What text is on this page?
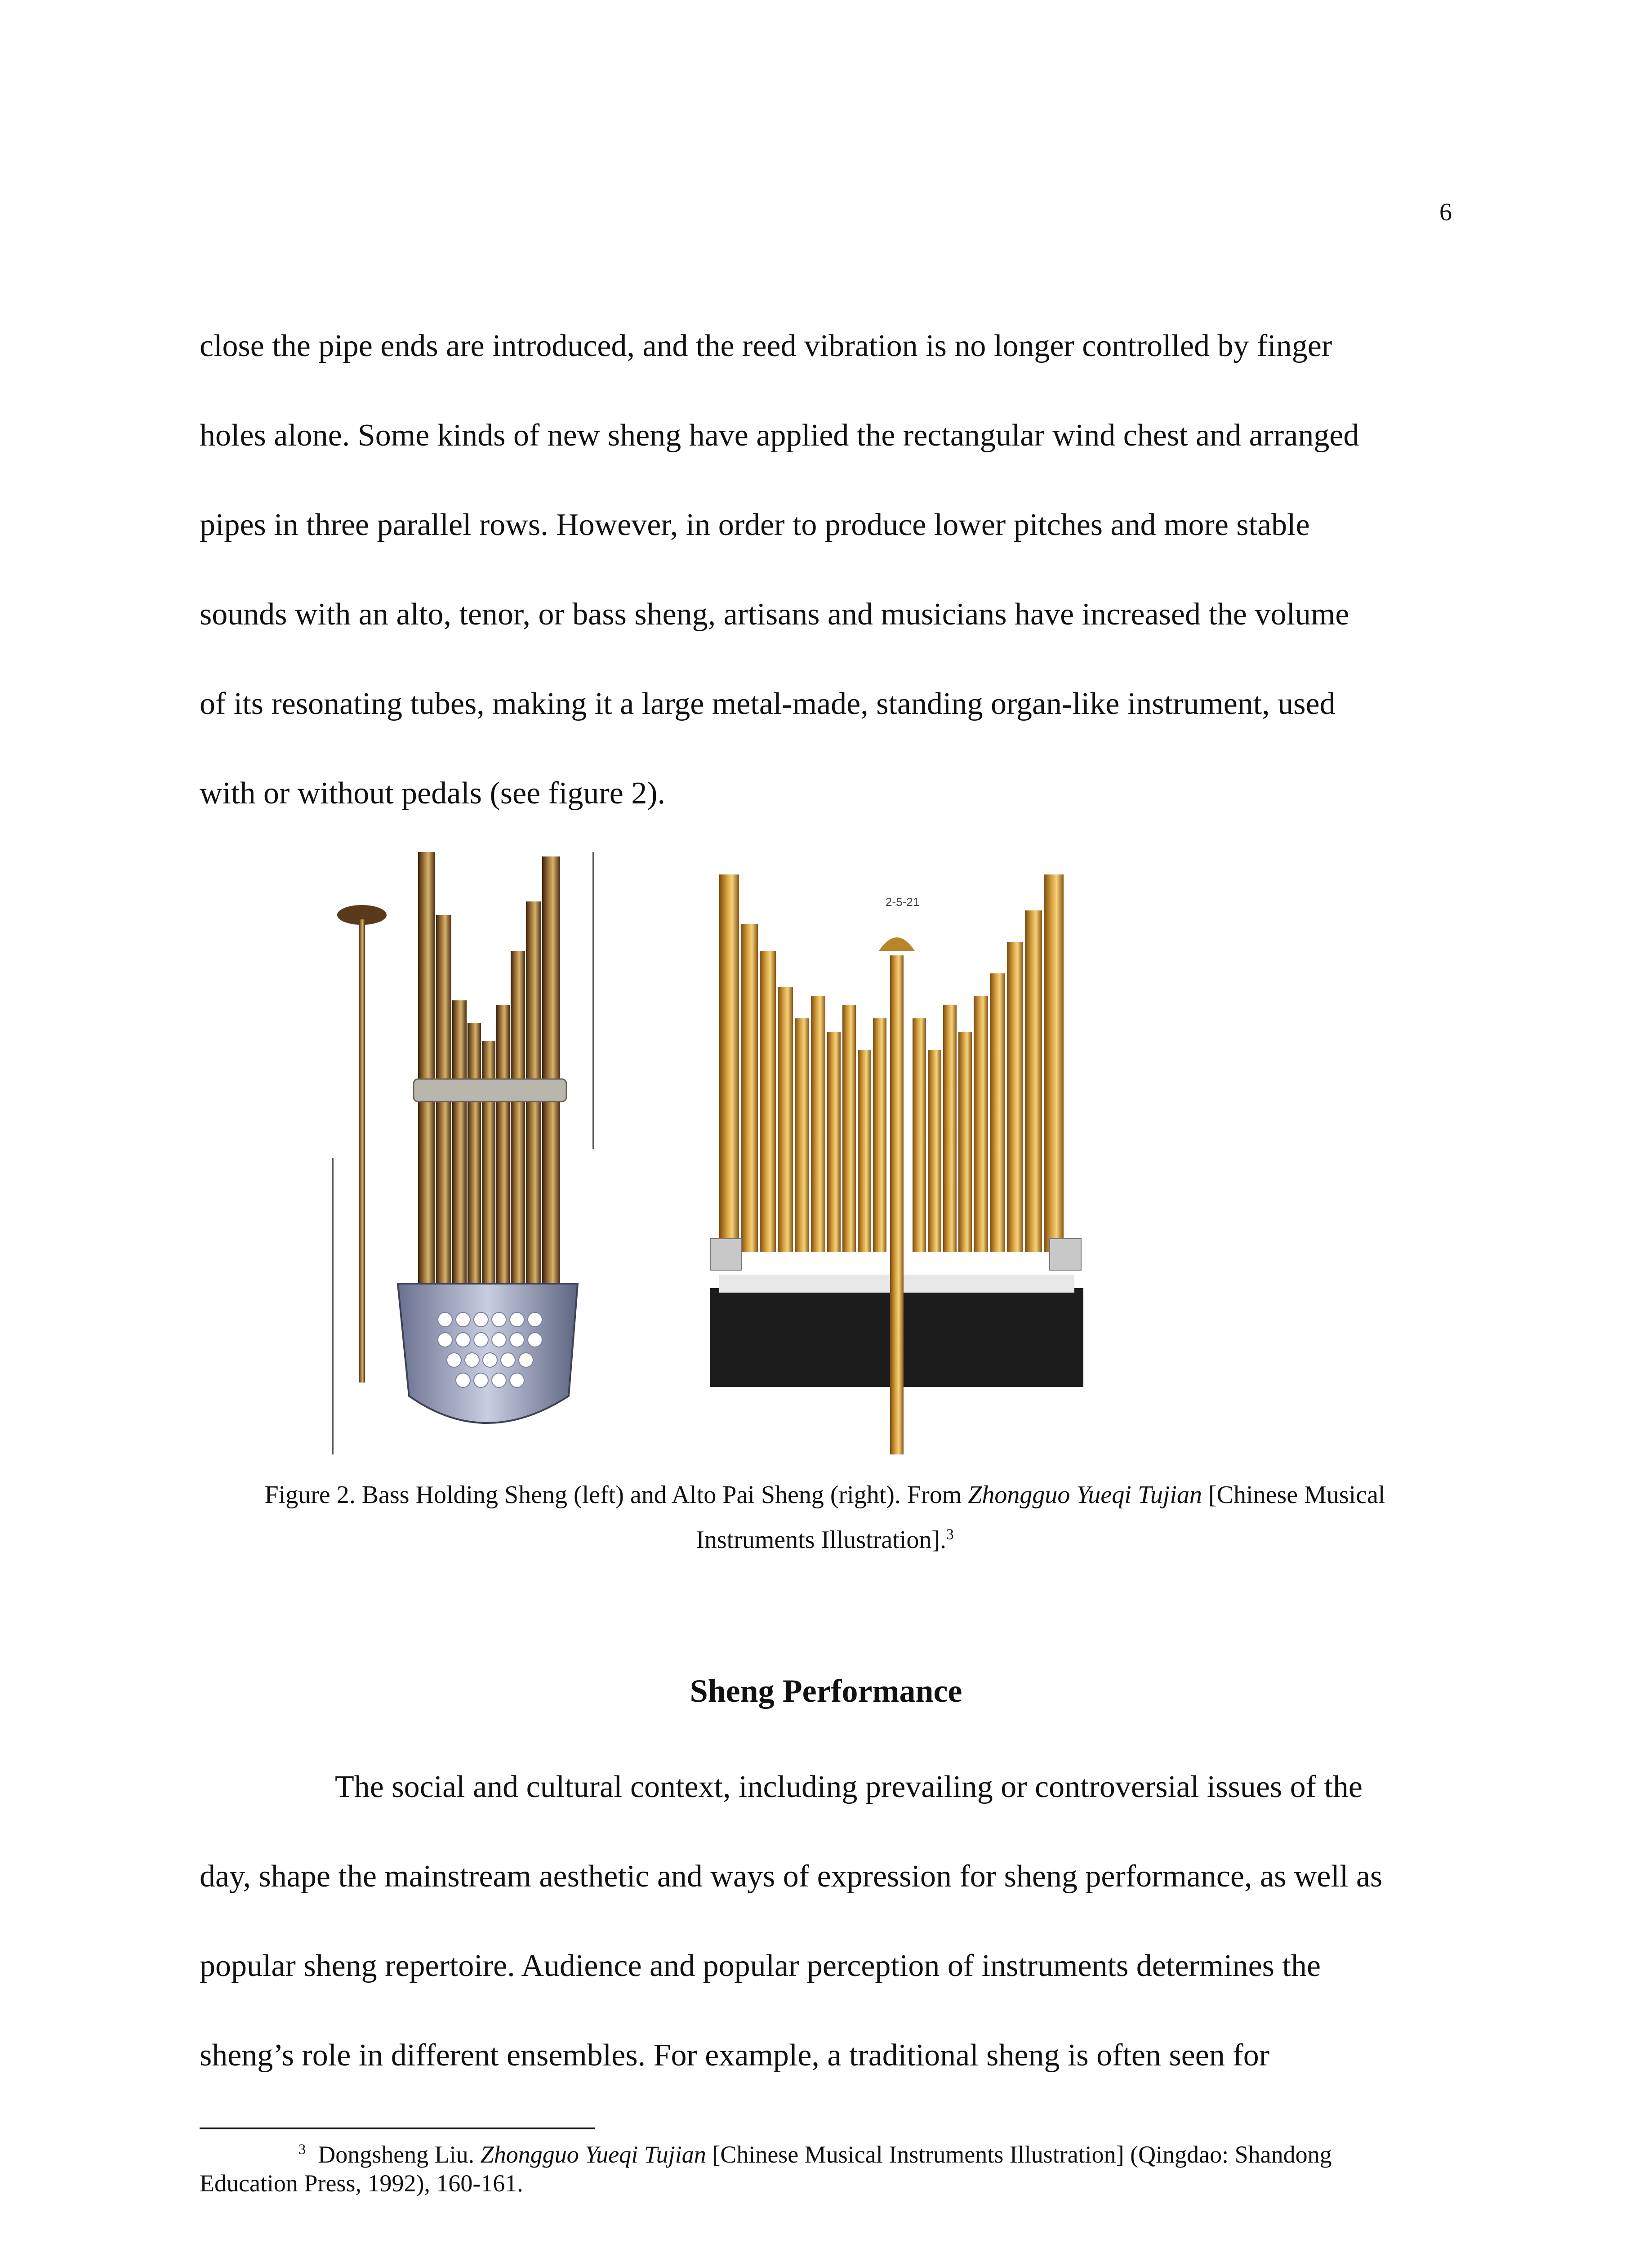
6
close the pipe ends are introduced, and the reed vibration is no longer controlled by finger
holes alone. Some kinds of new sheng have applied the rectangular wind chest and arranged
pipes in three parallel rows. However, in order to produce lower pitches and more stable
sounds with an alto, tenor, or bass sheng, artisans and musicians have increased the volume
of its resonating tubes, making it a large metal-made, standing organ-like instrument, used
with or without pedals (see figure 2).
2-5-21
Figure 2. Bass Holding Sheng (left) and Alto Pai Sheng (right). From Zhongguo Yueqi Tujian [Chinese Musical
Instruments Illustration].$^3$
Sheng Performance
The social and cultural context, including prevailing or controversial issues of the
day, shape the mainstream aesthetic and ways of expression for sheng performance, as well as
popular sheng repertoire. Audience and popular perception of instruments determines the
sheng’s role in different ensembles. For example, a traditional sheng is often seen for
$^3$ Dongsheng Liu. Zhongguo Yueqi Tujian [Chinese Musical Instruments Illustration] (Qingdao: Shandong
Education Press, 1992), 160-161.
